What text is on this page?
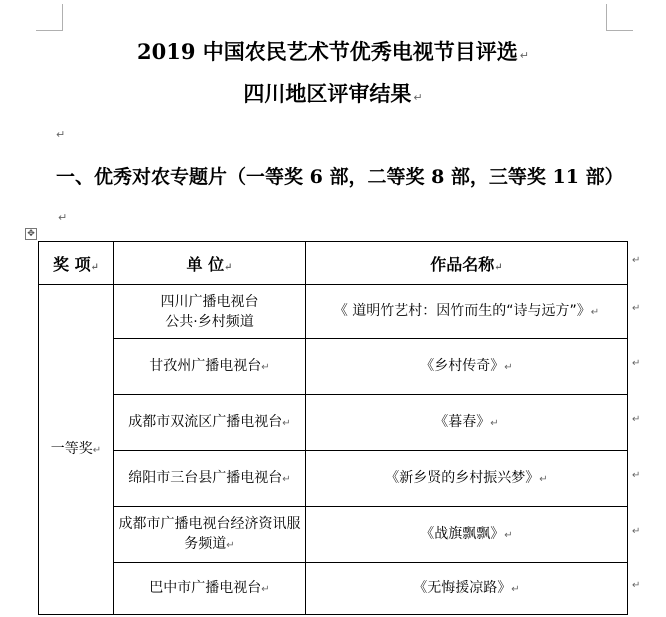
2019 中国农民艺术节优秀电视节目评选 ↵
四川地区评审结果 ↵
↵
一、优秀对农专题片（一等奖 6 部，二等奖 8 部，三等奖 11 部）↵
✥
奖 项↵	单 位↵	作品名称↵
一等奖↵	四川广播电视台
公共·乡村频道	《 道明竹艺村：因竹而生的“诗与远方”》↵
	甘孜州广播电视台↵	《乡村传奇》↵
	成都市双流区广播电视台↵	《暮春》↵
	绵阳市三台县广播电视台↵	《新乡贤的乡村振兴梦》↵
	成都市广播电视台经济资讯服务频道↵	《战旗飘飘》↵
	巴中市广播电视台↵	《无悔援凉路》↵
↵
↵
↵
↵
↵
↵
↵
